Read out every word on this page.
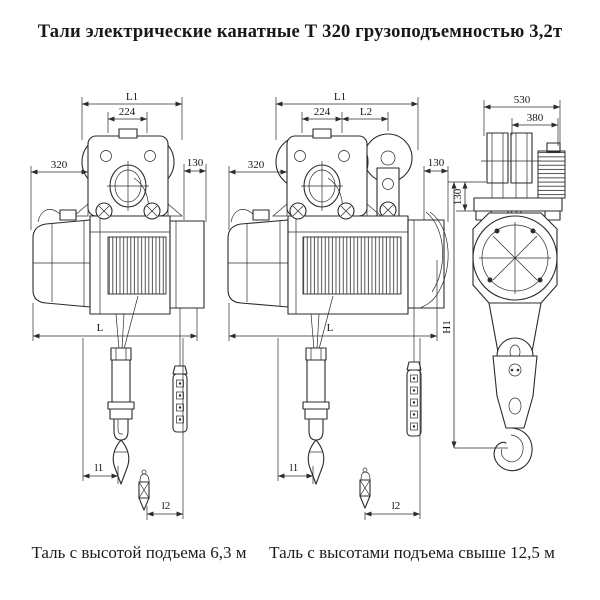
Тали электрические канатные Т 320 грузоподъемностью 3,2т
L1
224
320	130
L
l1
l2
L1
224	L2
320	130
L
l1
l2
530
380
130
H1
Таль с высотой подъема 6,3 м Таль с высотами подъема свыше 12,5 м
